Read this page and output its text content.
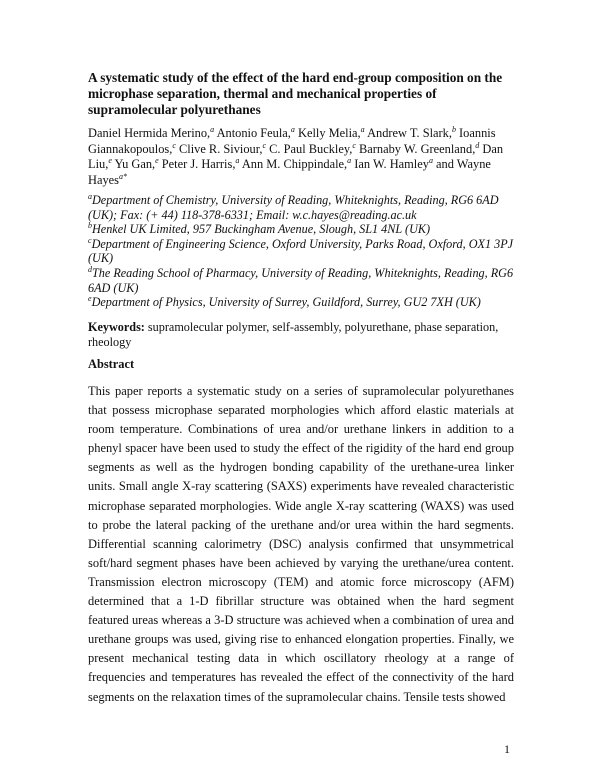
A systematic study of the effect of the hard end-group composition on the microphase separation, thermal and mechanical properties of supramolecular polyurethanes

Daniel Hermida Merino,$^a$ Antonio Feula,$^a$ Kelly Melia,$^a$ Andrew T. Slark,$^b$ Ioannis Giannakopoulos,$^c$ Clive R. Siviour,$^c$ C. Paul Buckley,$^c$ Barnaby W. Greenland,$^d$ Dan Liu,$^e$ Yu Gan,$^e$ Peter J. Harris,$^a$ Ann M. Chippindale,$^a$ Ian W. Hamley$^a$ and Wayne Hayes$^{a*}$

$^a$Department of Chemistry, University of Reading, Whiteknights, Reading, RG6 6AD (UK); Fax: (+ 44) 118-378-6331; Email: w.c.hayes@reading.ac.uk

$^b$Henkel UK Limited, 957 Buckingham Avenue, Slough, SL1 4NL (UK)

$^c$Department of Engineering Science, Oxford University, Parks Road, Oxford, OX1 3PJ (UK)

$^d$The Reading School of Pharmacy, University of Reading, Whiteknights, Reading, RG6 6AD (UK)

$^e$Department of Physics, University of Surrey, Guildford, Surrey, GU2 7XH (UK)

Keywords: supramolecular polymer, self-assembly, polyurethane, phase separation, rheology

Abstract

This paper reports a systematic study on a series of supramolecular polyurethanes that possess microphase separated morphologies which afford elastic materials at room temperature. Combinations of urea and/or urethane linkers in addition to a phenyl spacer have been used to study the effect of the rigidity of the hard end group segments as well as the hydrogen bonding capability of the urethane-urea linker units. Small angle X-ray scattering (SAXS) experiments have revealed characteristic microphase separated morphologies. Wide angle X-ray scattering (WAXS) was used to probe the lateral packing of the urethane and/or urea within the hard segments. Differential scanning calorimetry (DSC) analysis confirmed that unsymmetrical soft/hard segment phases have been achieved by varying the urethane/urea content. Transmission electron microscopy (TEM) and atomic force microscopy (AFM) determined that a 1-D fibrillar structure was obtained when the hard segment featured ureas whereas a 3-D structure was achieved when a combination of urea and urethane groups was used, giving rise to enhanced elongation properties. Finally, we present mechanical testing data in which oscillatory rheology at a range of frequencies and temperatures has revealed the effect of the connectivity of the hard segments on the relaxation times of the supramolecular chains. Tensile tests showed

1
